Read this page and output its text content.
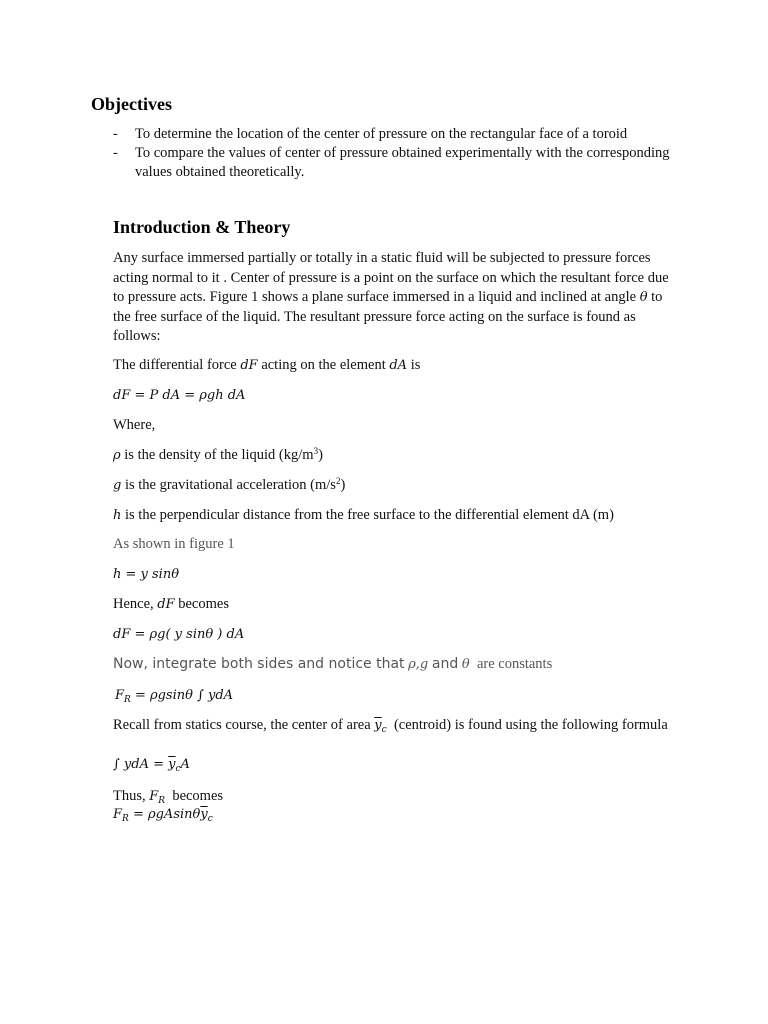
Objectives
- To determine the location of the center of pressure on the rectangular face of a toroid
- To compare the values of center of pressure obtained experimentally with the corresponding values obtained theoretically.
Introduction & Theory

Any surface immersed partially or totally in a static fluid will be subjected to pressure forces acting normal to it . Center of pressure is a point on the surface on which the resultant force due to pressure acts. Figure 1 shows a plane surface immersed in a liquid and inclined at angle θ to the free surface of the liquid. The resultant pressure force acting on the surface is found as follows:

The differential force dF acting on the element dA is

dF = P dA = ρgh dA

Where,

ρ is the density of the liquid $(kg/m^3)$

g is the gravitational acceleration $(m/s^2)$

h is the perpendicular distance from the free surface to the differential element dA (m)

As shown in figure 1

h = y sinθ

Hence, dF becomes

dF = ρg( y sinθ ) dA

Now, integrate both sides and notice that ρ,g and θ are constants

$F_R = \rho gsin\theta$ ∫ ydA

Recall from statics course, the center of area $\overline{y}_c$ (centroid) is found using the following formula

∫ ydA = $\overline{y}_cA$

Thus, $F_R$ becomes

$F_R = \rho gAsin\theta\overline{y}_c$
